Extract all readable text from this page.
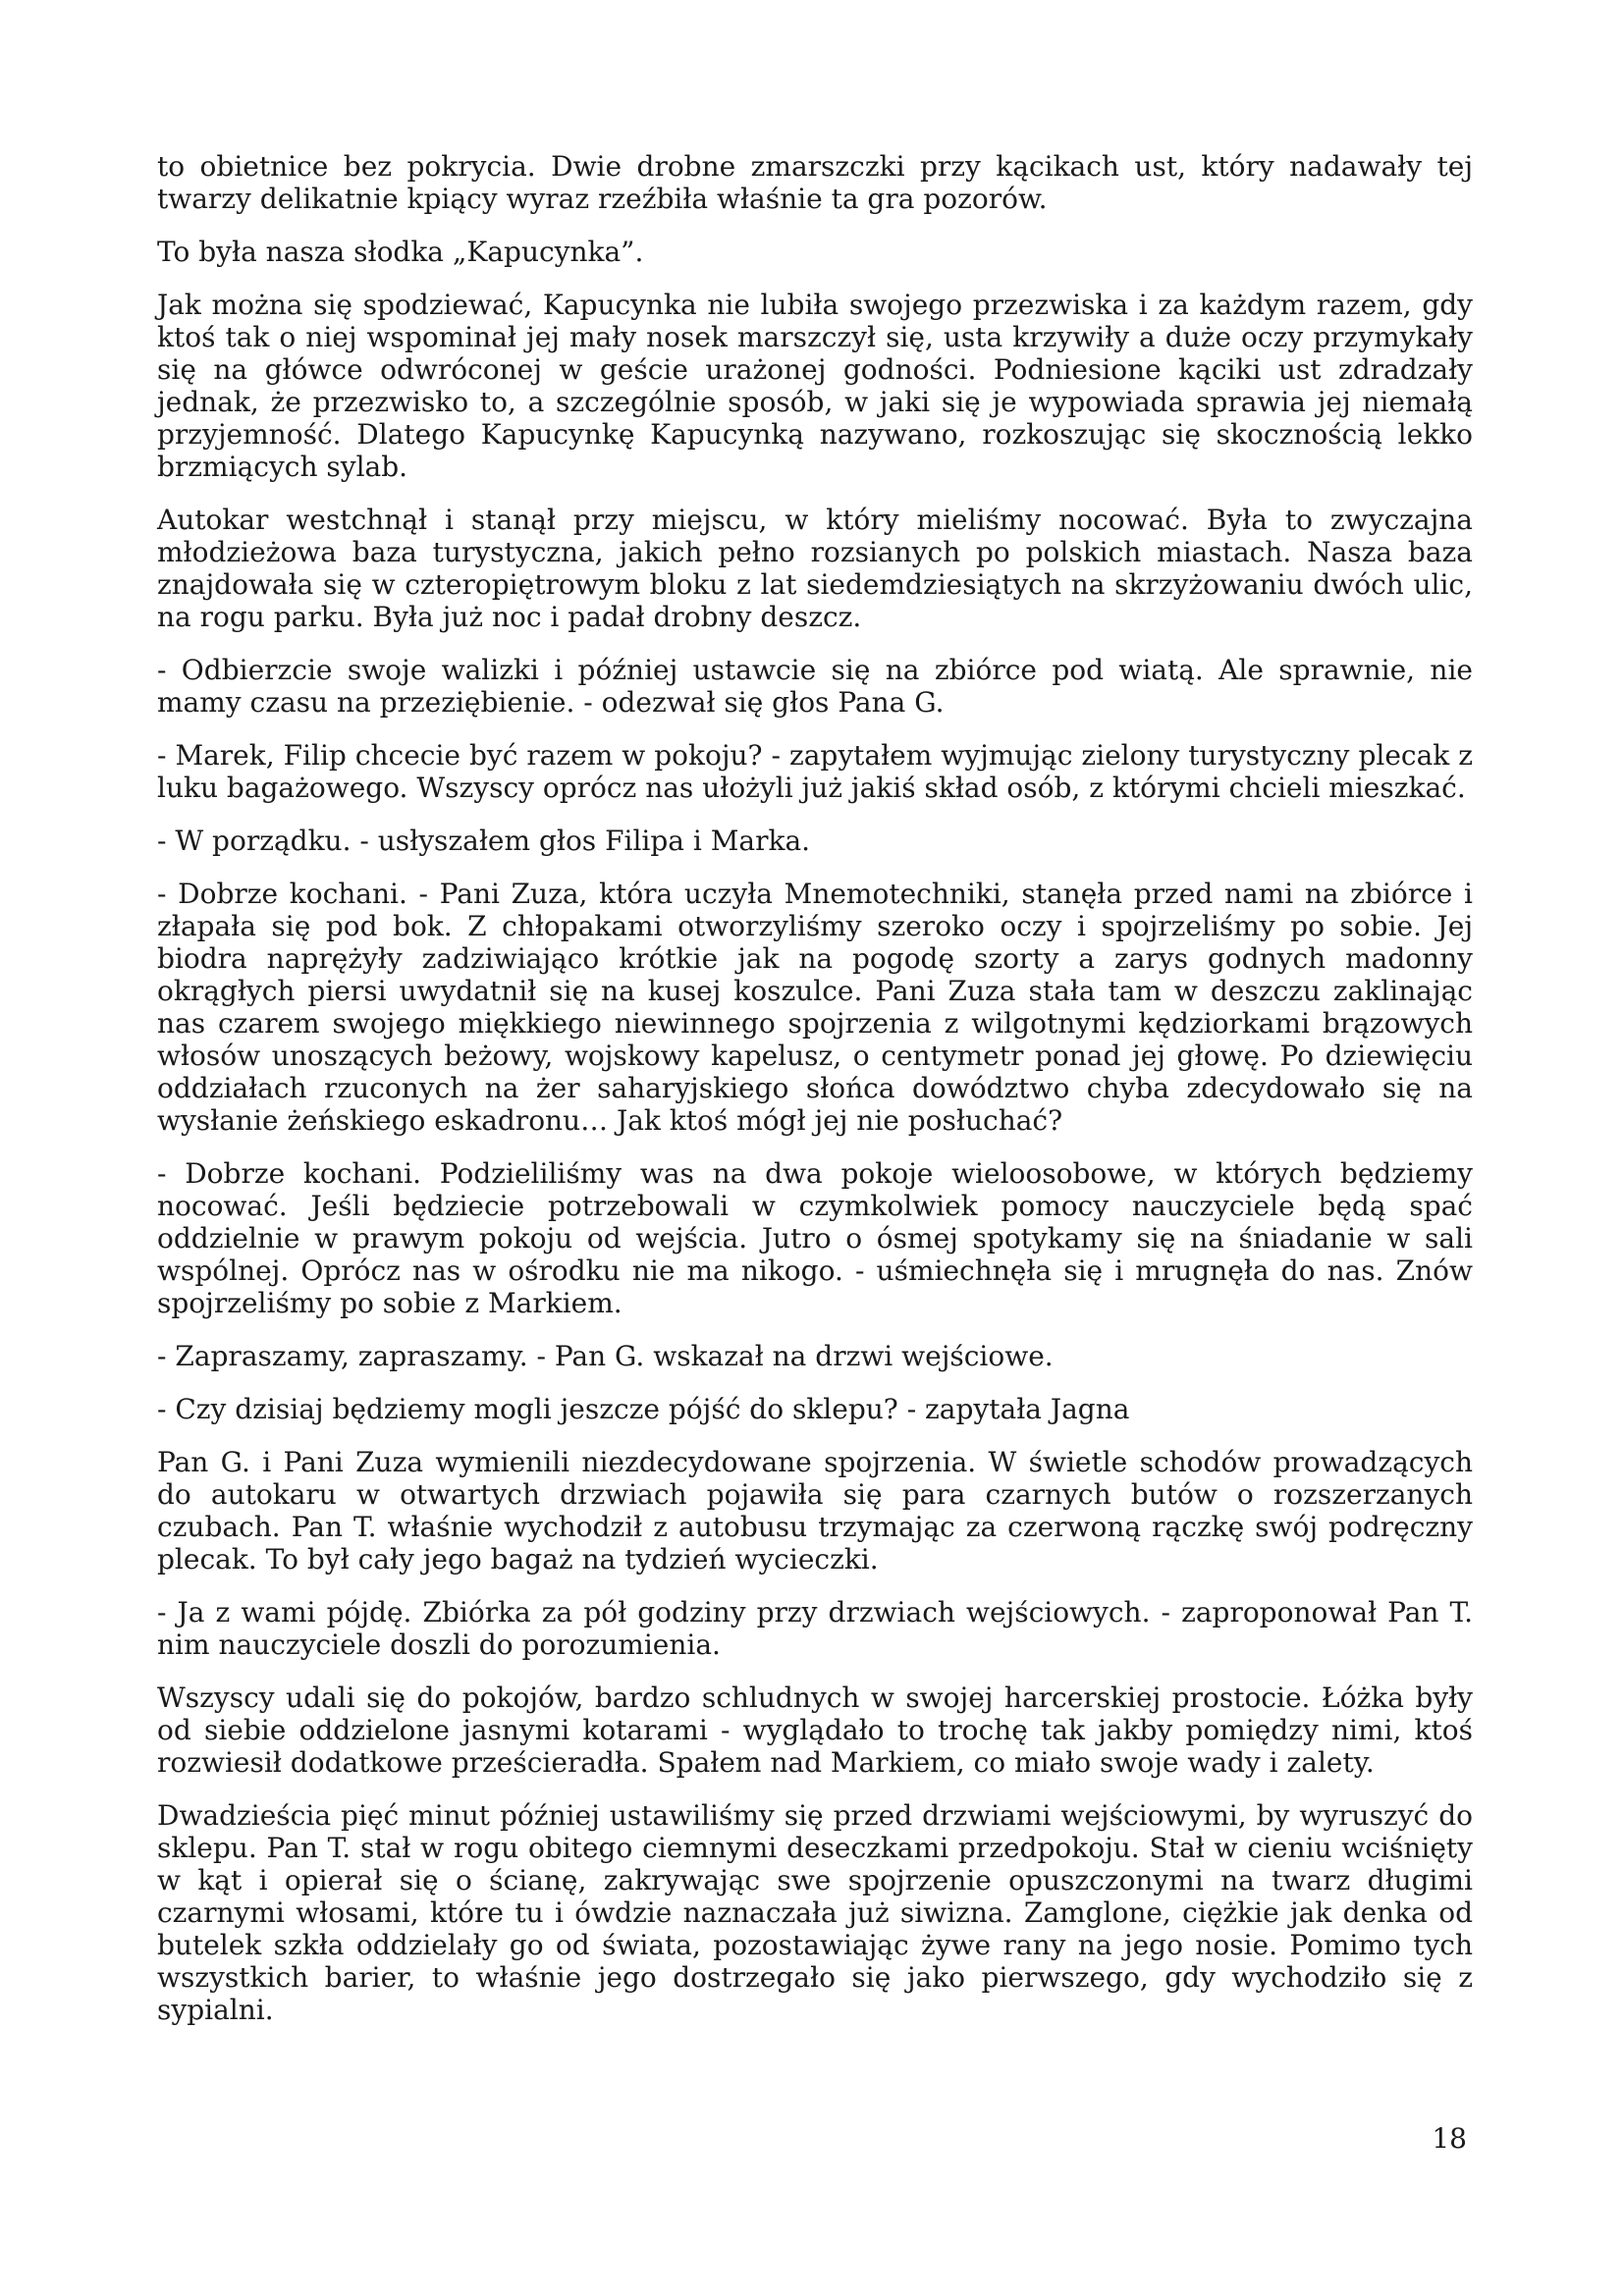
to obietnice bez pokrycia. Dwie drobne zmarszczki przy kącikach ust, który nadawały tej twarzy delikatnie kpiący wyraz rzeźbiła właśnie ta gra pozorów.

To była nasza słodka „Kapucynka”.

Jak można się spodziewać, Kapucynka nie lubiła swojego przezwiska i za każdym razem, gdy ktoś tak o niej wspominał jej mały nosek marszczył się, usta krzywiły a duże oczy przymykały się na główce odwróconej w geście urażonej godności. Podniesione kąciki ust zdradzały jednak, że przezwisko to, a szczególnie sposób, w jaki się je wypowiada sprawia jej niemałą przyjemność. Dlatego Kapucynkę Kapucynką nazywano, rozkoszując się skocznością lekko brzmiących sylab.

Autokar westchnął i stanął przy miejscu, w który mieliśmy nocować. Była to zwyczajna młodzieżowa baza turystyczna, jakich pełno rozsianych po polskich miastach. Nasza baza znajdowała się w czteropiętrowym bloku z lat siedemdziesiątych na skrzyżowaniu dwóch ulic, na rogu parku. Była już noc i padał drobny deszcz.

- Odbierzcie swoje walizki i później ustawcie się na zbiórce pod wiatą. Ale sprawnie, nie mamy czasu na przeziębienie. - odezwał się głos Pana G.

- Marek, Filip chcecie być razem w pokoju? - zapytałem wyjmując zielony turystyczny plecak z luku bagażowego. Wszyscy oprócz nas ułożyli już jakiś skład osób, z którymi chcieli mieszkać.

- W porządku. - usłyszałem głos Filipa i Marka.

- Dobrze kochani. - Pani Zuza, która uczyła Mnemotechniki, stanęła przed nami na zbiórce i złapała się pod bok. Z chłopakami otworzyliśmy szeroko oczy i spojrzeliśmy po sobie. Jej biodra naprężyły zadziwiająco krótkie jak na pogodę szorty a zarys godnych madonny okrągłych piersi uwydatnił się na kusej koszulce. Pani Zuza stała tam w deszczu zaklinając nas czarem swojego miękkiego niewinnego spojrzenia z wilgotnymi kędziorkami brązowych włosów unoszących beżowy, wojskowy kapelusz, o centymetr ponad jej głowę. Po dziewięciu oddziałach rzuconych na żer saharyjskiego słońca dowództwo chyba zdecydowało się na wysłanie żeńskiego eskadronu… Jak ktoś mógł jej nie posłuchać?

- Dobrze kochani. Podzieliliśmy was na dwa pokoje wieloosobowe, w których będziemy nocować. Jeśli będziecie potrzebowali w czymkolwiek pomocy nauczyciele będą spać oddzielnie w prawym pokoju od wejścia. Jutro o ósmej spotykamy się na śniadanie w sali wspólnej. Oprócz nas w ośrodku nie ma nikogo. - uśmiechnęła się i mrugnęła do nas. Znów spojrzeliśmy po sobie z Markiem.

- Zapraszamy, zapraszamy. - Pan G. wskazał na drzwi wejściowe.

- Czy dzisiaj będziemy mogli jeszcze pójść do sklepu? - zapytała Jagna

Pan G. i Pani Zuza wymienili niezdecydowane spojrzenia. W świetle schodów prowadzących do autokaru w otwartych drzwiach pojawiła się para czarnych butów o rozszerzanych czubach. Pan T. właśnie wychodził z autobusu trzymając za czerwoną rączkę swój podręczny plecak. To był cały jego bagaż na tydzień wycieczki.

- Ja z wami pójdę. Zbiórka za pół godziny przy drzwiach wejściowych. - zaproponował Pan T. nim nauczyciele doszli do porozumienia.

Wszyscy udali się do pokojów, bardzo schludnych w swojej harcerskiej prostocie. Łóżka były od siebie oddzielone jasnymi kotarami - wyglądało to trochę tak jakby pomiędzy nimi, ktoś rozwiesił dodatkowe prześcieradła. Spałem nad Markiem, co miało swoje wady i zalety.

Dwadzieścia pięć minut później ustawiliśmy się przed drzwiami wejściowymi, by wyruszyć do sklepu. Pan T. stał w rogu obitego ciemnymi deseczkami przedpokoju. Stał w cieniu wciśnięty w kąt i opierał się o ścianę, zakrywając swe spojrzenie opuszczonymi na twarz długimi czarnymi włosami, które tu i ówdzie naznaczała już siwizna. Zamglone, ciężkie jak denka od butelek szkła oddzielały go od świata, pozostawiając żywe rany na jego nosie. Pomimo tych wszystkich barier, to właśnie jego dostrzegało się jako pierwszego, gdy wychodziło się z sypialni.

18
